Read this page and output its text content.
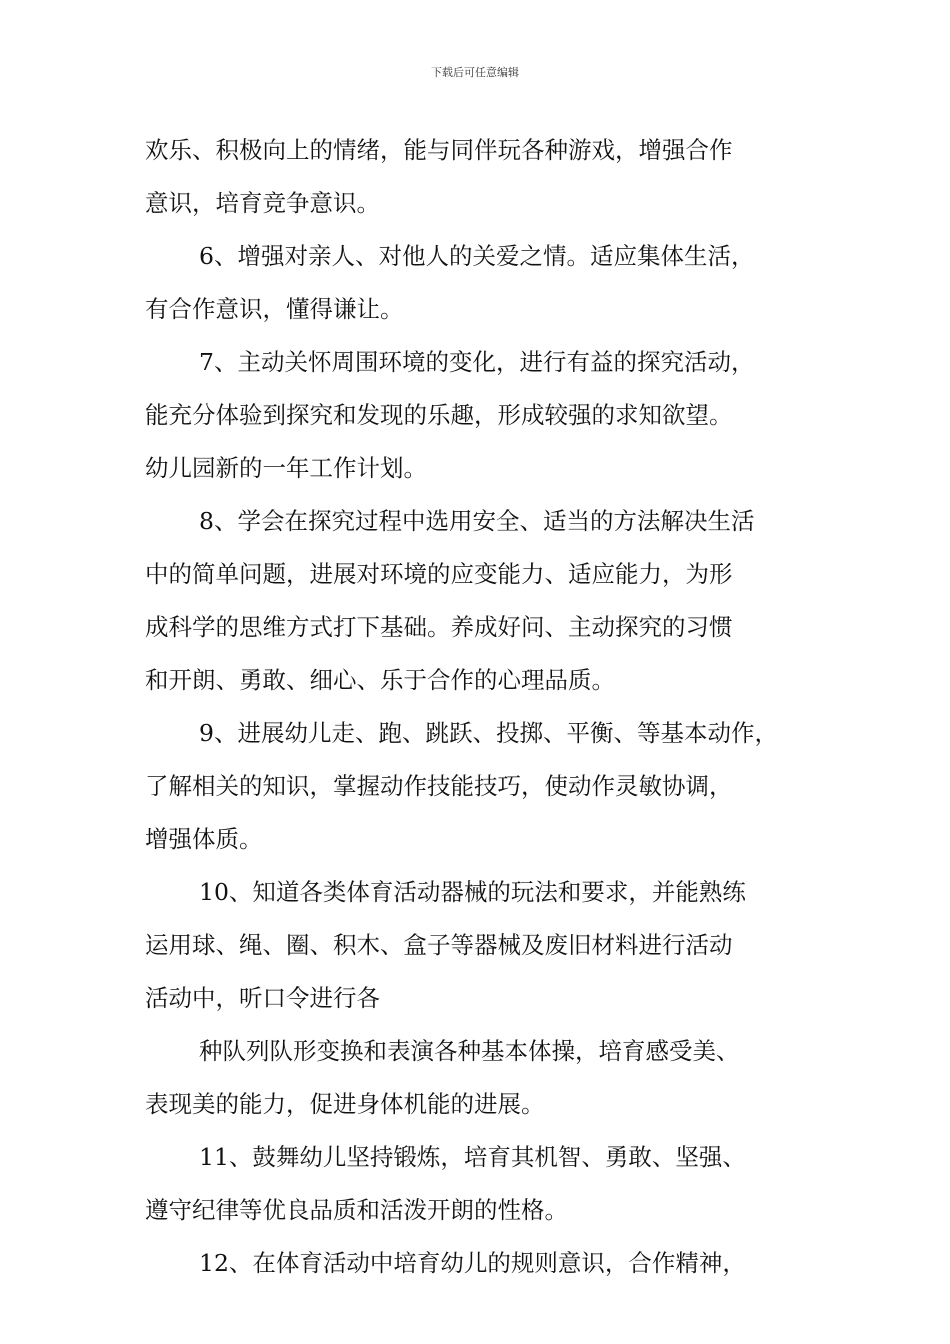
下载后可任意编辑
欢乐、积极向上的情绪，能与同伴玩各种游戏，增强合作
意识，培育竞争意识。
6、增强对亲人、对他人的关爱之情。适应集体生活，
有合作意识，懂得谦让。
7、主动关怀周围环境的变化，进行有益的探究活动，
能充分体验到探究和发现的乐趣，形成较强的求知欲望。
幼儿园新的一年工作计划。
8、学会在探究过程中选用安全、适当的方法解决生活
中的简单问题，进展对环境的应变能力、适应能力，为形
成科学的思维方式打下基础。养成好问、主动探究的习惯
和开朗、勇敢、细心、乐于合作的心理品质。
9、进展幼儿走、跑、跳跃、投掷、平衡、等基本动作，
了解相关的知识，掌握动作技能技巧，使动作灵敏协调，
增强体质。
10、知道各类体育活动器械的玩法和要求，并能熟练
运用球、绳、圈、积木、盒子等器械及废旧材料进行活动
活动中，听口令进行各
种队列队形变换和表演各种基本体操，培育感受美、
表现美的能力，促进身体机能的进展。
11、鼓舞幼儿坚持锻炼，培育其机智、勇敢、坚强、
遵守纪律等优良品质和活泼开朗的性格。
12、在体育活动中培育幼儿的规则意识，合作精神，
